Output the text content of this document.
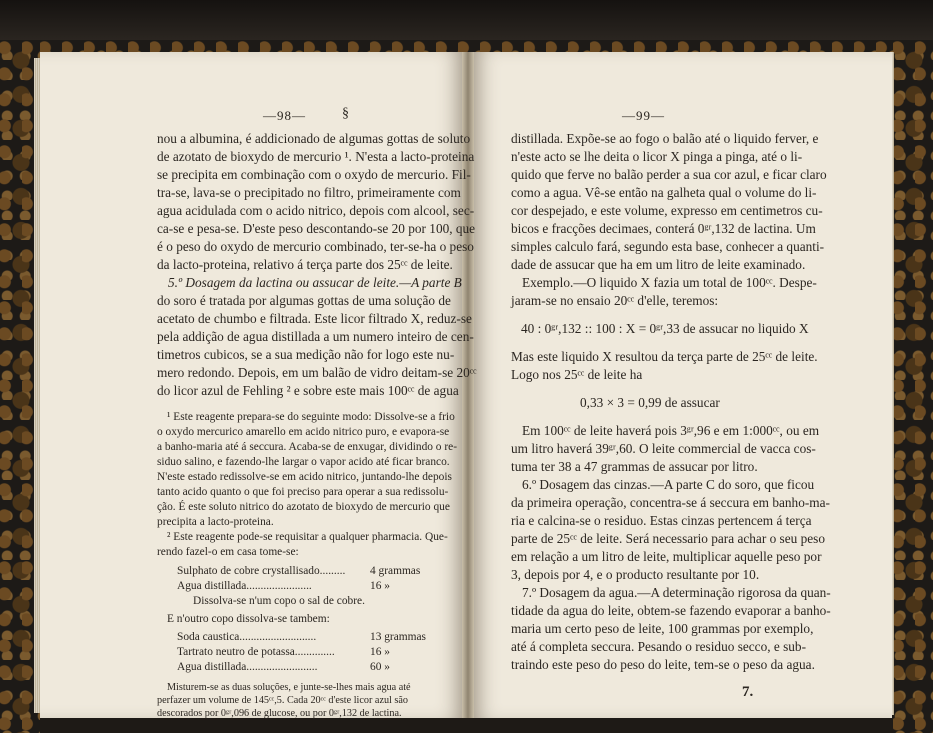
—98—	§
nou a albumina, é addicionado de algumas gottas de soluto
de azotato de bioxydo de mercurio ¹. N'esta a lacto-proteina
se precipita em combinação com o oxydo de mercurio. Fil-
tra-se, lava-se o precipitado no filtro, primeiramente com
agua acidulada com o acido nitrico, depois com alcool, sec-
ca-se e pesa-se. D'este peso descontando-se 20 por 100, que
é o peso do oxydo de mercurio combinado, ter-se-ha o peso
da lacto-proteina, relativo á terça parte dos 25ᶜᶜ de leite.
5.º Dosagem da lactina ou assucar de leite.—A parte B
do soro é tratada por algumas gottas de uma solução de
acetato de chumbo e filtrada. Este licor filtrado X, reduz-se
pela addição de agua distillada a um numero inteiro de cen-
timetros cubicos, se a sua medição não for logo este nu-
mero redondo. Depois, em um balão de vidro deitam-se 20ᶜᶜ
do licor azul de Fehling ² e sobre este mais 100ᶜᶜ de agua
¹ Este reagente prepara-se do seguinte modo: Dissolve-se a frio
o oxydo mercurico amarello em acido nitrico puro, e evapora-se
a banho-maria até á seccura. Acaba-se de enxugar, dividindo o re-
siduo salino, e fazendo-lhe largar o vapor acido até ficar branco.
N'este estado redissolve-se em acido nitrico, juntando-lhe depois
tanto acido quanto o que foi preciso para operar a sua redissolu-
ção. É este soluto nitrico do azotato de bioxydo de mercurio que
precipita a lacto-proteina.
² Este reagente pode-se requisitar a qualquer pharmacia. Que-
rendo fazel-o em casa tome-se:
Sulphato de cobre crystallisado......... 4 grammas
Agua distillada.......................	16 »
Dissolva-se n'um copo o sal de cobre.
E n'outro copo dissolva-se tambem:
Soda caustica...........................	13 grammas
Tartrato neutro de potassa..............	16 »
Agua distillada.........................	60 »
Misturem-se as duas soluções, e junte-se-lhes mais agua até
perfazer um volume de 145ᶜᶜ,5. Cada 20ᶜᶜ d'este licor azul são
descorados por 0ᵍʳ,096 de glucose, ou por 0ᵍʳ,132 de lactina.
—99—
distillada. Expõe-se ao fogo o balão até o liquido ferver, e
n'este acto se lhe deita o licor X pinga a pinga, até o li-
quido que ferve no balão perder a sua cor azul, e ficar claro
como a agua. Vê-se então na galheta qual o volume do li-
cor despejado, e este volume, expresso em centimetros cu-
bicos e fracções decimaes, conterá 0ᵍʳ,132 de lactina. Um
simples calculo fará, segundo esta base, conhecer a quanti-
dade de assucar que ha em um litro de leite examinado.
Exemplo.—O liquido X fazia um total de 100ᶜᶜ. Despe-
jaram-se no ensaio 20ᶜᶜ d'elle, teremos:
40 : 0ᵍʳ,132 :: 100 : X = 0ᵍʳ,33 de assucar no liquido X
Mas este liquido X resultou da terça parte de 25ᶜᶜ de leite.
Logo nos 25ᶜᶜ de leite ha
0,33 × 3 = 0,99 de assucar
Em 100ᶜᶜ de leite haverá pois 3ᵍʳ,96 e em 1:000ᶜᶜ, ou em
um litro haverá 39ᵍʳ,60. O leite commercial de vacca cos-
tuma ter 38 a 47 grammas de assucar por litro.
6.º Dosagem das cinzas.—A parte C do soro, que ficou
da primeira operação, concentra-se á seccura em banho-ma-
ria e calcina-se o residuo. Estas cinzas pertencem á terça
parte de 25ᶜᶜ de leite. Será necessario para achar o seu peso
em relação a um litro de leite, multiplicar aquelle peso por
3, depois por 4, e o producto resultante por 10.
7.º Dosagem da agua.—A determinação rigorosa da quan-
tidade da agua do leite, obtem-se fazendo evaporar a banho-
maria um certo peso de leite, 100 grammas por exemplo,
até á completa seccura. Pesando o residuo secco, e sub-
traindo este peso do peso do leite, tem-se o peso da agua.
7.
